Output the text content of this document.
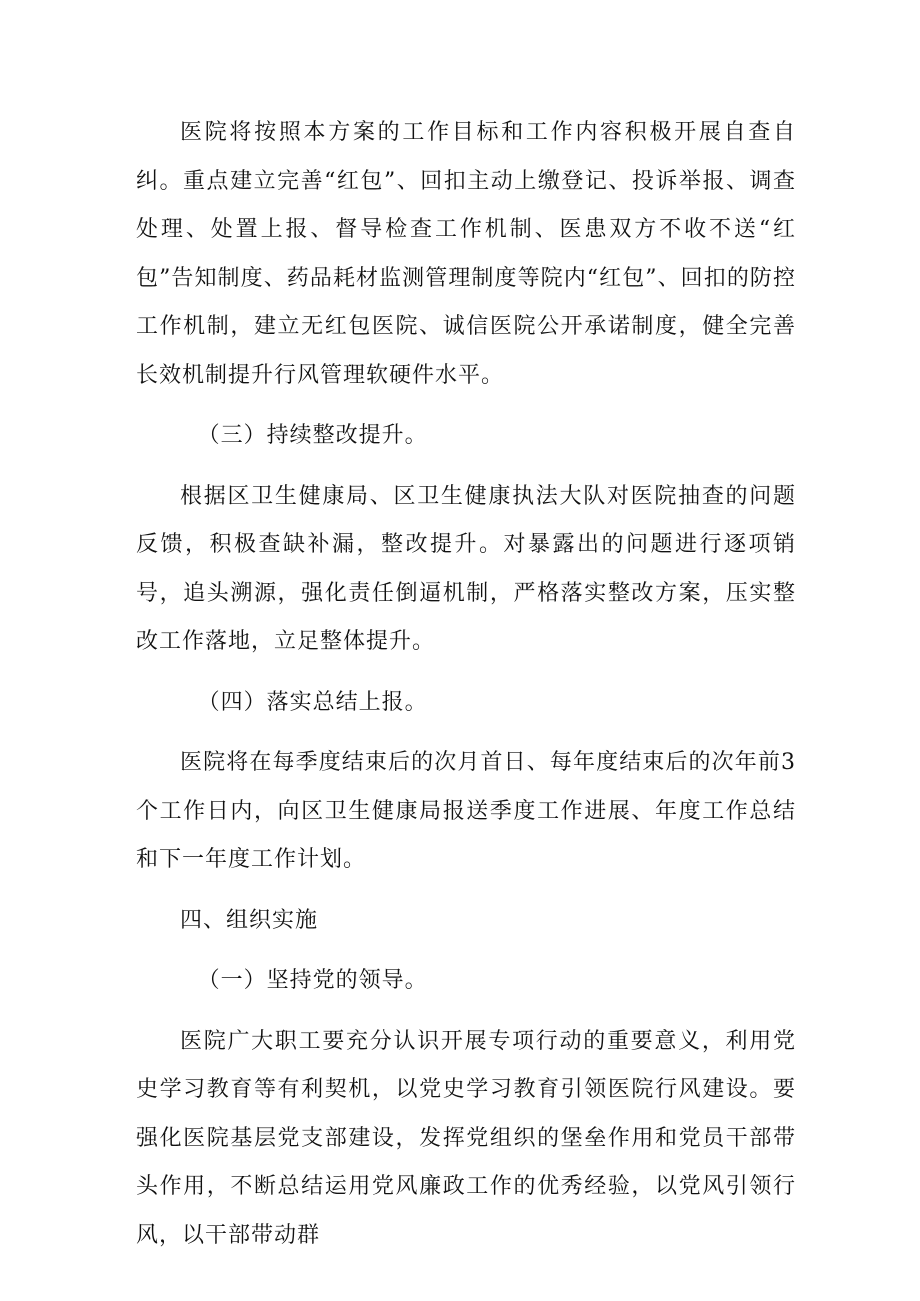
医院将按照本方案的工作目标和工作内容积极开展自查自纠。重点建立完善“红包”、回扣主动上缴登记、投诉举报、调查处理、处置上报、督导检查工作机制、医患双方不收不送“红包”告知制度、药品耗材监测管理制度等院内“红包”、回扣的防控工作机制，建立无红包医院、诚信医院公开承诺制度，健全完善长效机制提升行风管理软硬件水平。

（三）持续整改提升。

根据区卫生健康局、区卫生健康执法大队对医院抽查的问题反馈，积极查缺补漏，整改提升。对暴露出的问题进行逐项销号，追头溯源，强化责任倒逼机制，严格落实整改方案，压实整改工作落地，立足整体提升。

（四）落实总结上报。

医院将在每季度结束后的次月首日、每年度结束后的次年前3个工作日内，向区卫生健康局报送季度工作进展、年度工作总结和下一年度工作计划。

四、组织实施

（一）坚持党的领导。

医院广大职工要充分认识开展专项行动的重要意义，利用党史学习教育等有利契机，以党史学习教育引领医院行风建设。要强化医院基层党支部建设，发挥党组织的堡垒作用和党员干部带头作用，不断总结运用党风廉政工作的优秀经验，以党风引领行风，以干部带动群
